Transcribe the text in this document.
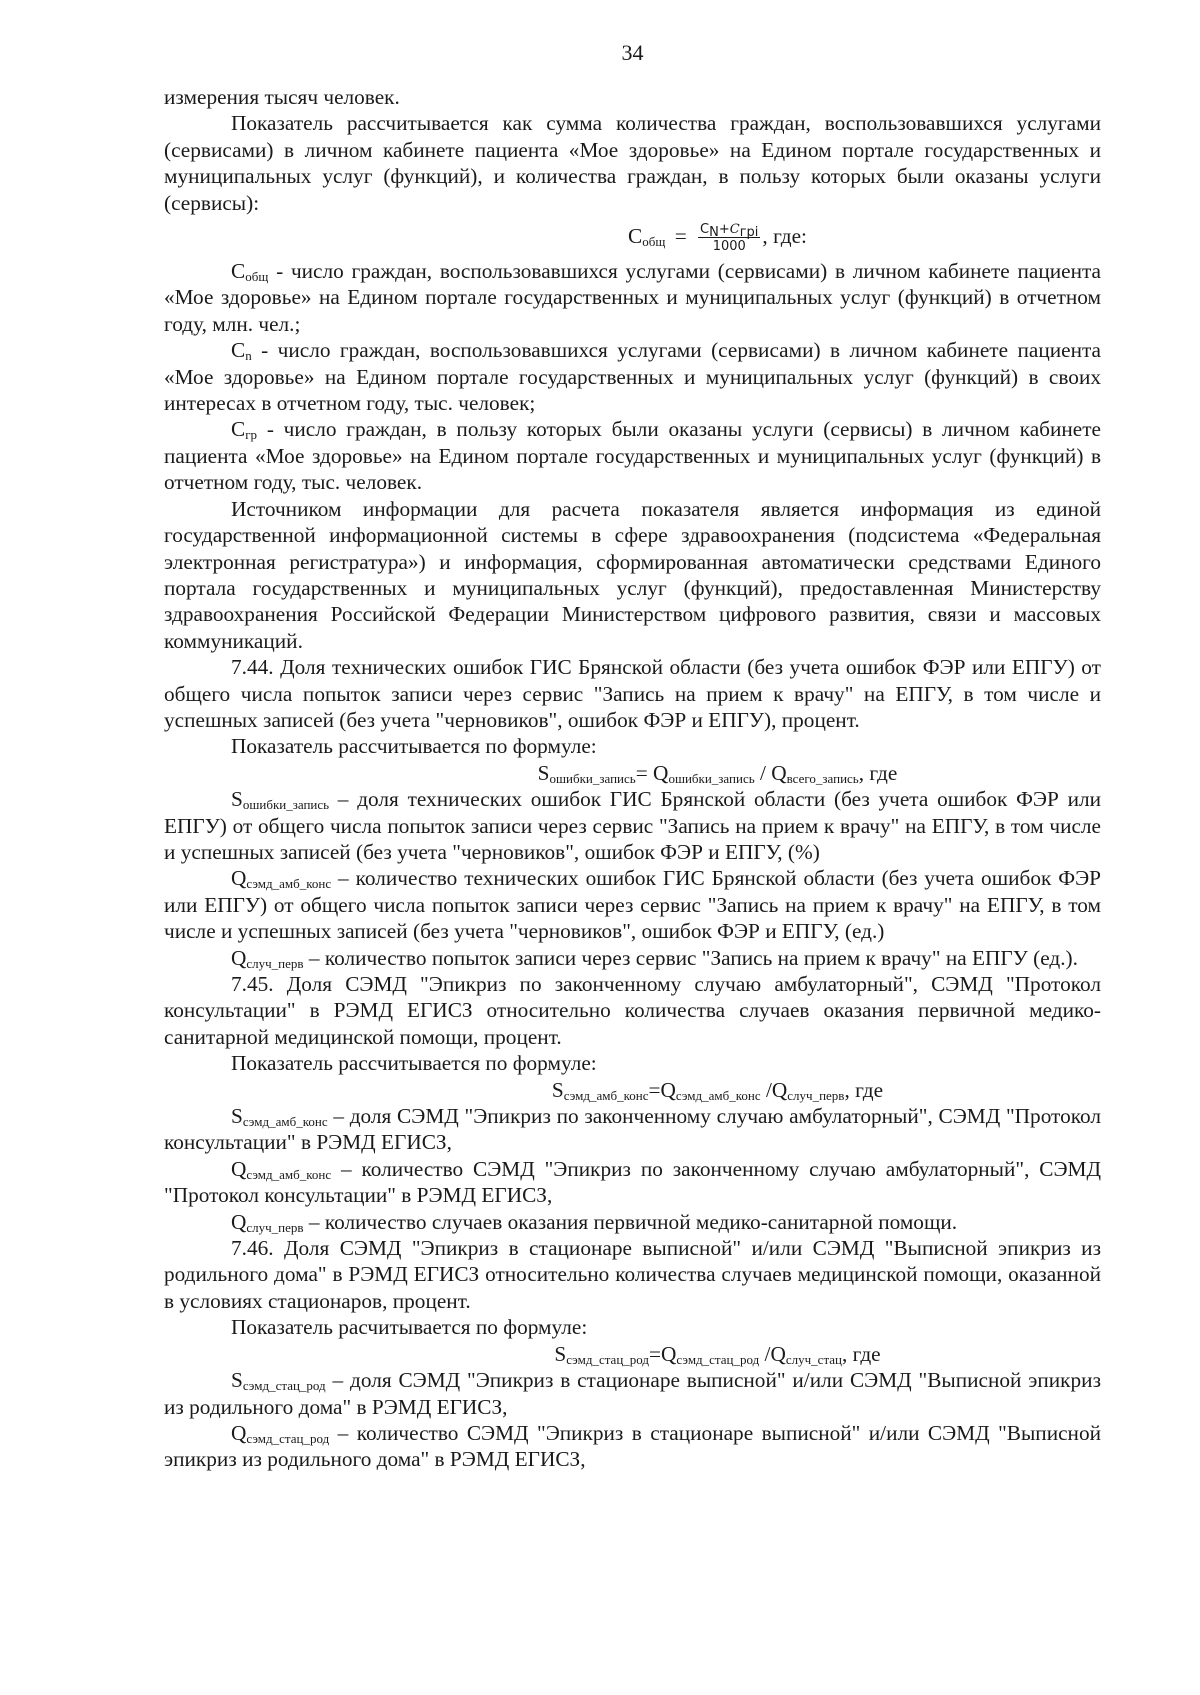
34

измерения тысяч человек.

Показатель рассчитывается как сумма количества граждан, воспользовавшихся услугами (сервисами) в личном кабинете пациента «Мое здоровье» на Едином портале государственных и муниципальных услуг (функций), и количества граждан, в пользу которых были оказаны услуги (сервисы):

$С_{общ} = \frac{C_N+C_{грi}}{1000}$ , где:

$С_{общ}$ - число граждан, воспользовавшихся услугами (сервисами) в личном кабинете пациента «Мое здоровье» на Едином портале государственных и муниципальных услуг (функций) в отчетном году, млн. чел.;

$С_n$ - число граждан, воспользовавшихся услугами (сервисами) в личном кабинете пациента «Мое здоровье» на Едином портале государственных и муниципальных услуг (функций) в своих интересах в отчетном году, тыс. человек;

$С_{гр}$ - число граждан, в пользу которых были оказаны услуги (сервисы) в личном кабинете пациента «Мое здоровье» на Едином портале государственных и муниципальных услуг (функций) в отчетном году, тыс. человек.

Источником информации для расчета показателя является информация из единой государственной информационной системы в сфере здравоохранения (подсистема «Федеральная электронная регистратура») и информация, сформированная автоматически средствами Единого портала государственных и муниципальных услуг (функций), предоставленная Министерству здравоохранения Российской Федерации Министерством цифрового развития, связи и массовых коммуникаций.

7.44. Доля технических ошибок ГИС Брянской области (без учета ошибок ФЭР или ЕПГУ) от общего числа попыток записи через сервис "Запись на прием к врачу" на ЕПГУ, в том числе и успешных записей (без учета "черновиков", ошибок ФЭР и ЕПГУ), процент.

Показатель рассчитывается по формуле:

$S_{ошибки\_запись}= Q_{ошибки\_запись} / Q_{всего\_запись}$, где

$S_{ошибки\_запись}$ – доля технических ошибок ГИС Брянской области (без учета ошибок ФЭР или ЕПГУ) от общего числа попыток записи через сервис "Запись на прием к врачу" на ЕПГУ, в том числе и успешных записей (без учета "черновиков", ошибок ФЭР и ЕПГУ, (%)

$Q_{сэмд\_амб\_конс}$ – количество технических ошибок ГИС Брянской области (без учета ошибок ФЭР или ЕПГУ) от общего числа попыток записи через сервис "Запись на прием к врачу" на ЕПГУ, в том числе и успешных записей (без учета "черновиков", ошибок ФЭР и ЕПГУ, (ед.)

$Q_{случ\_перв}$ – количество попыток записи через сервис "Запись на прием к врачу" на ЕПГУ (ед.).

7.45. Доля СЭМД "Эпикриз по законченному случаю амбулаторный", СЭМД "Протокол консультации" в РЭМД ЕГИСЗ относительно количества случаев оказания первичной медико-санитарной медицинской помощи, процент.

Показатель рассчитывается по формуле:

$S_{сэмд\_амб\_конс}=Q_{сэмд\_амб\_конс}$ $/Q_{случ\_перв}$, где

$S_{сэмд\_амб\_конс}$ – доля СЭМД "Эпикриз по законченному случаю амбулаторный", СЭМД "Протокол консультации" в РЭМД ЕГИСЗ,

$Q_{сэмд\_амб\_конс}$ – количество СЭМД "Эпикриз по законченному случаю амбулаторный", СЭМД "Протокол консультации" в РЭМД ЕГИСЗ,

$Q_{случ\_перв}$ – количество случаев оказания первичной медико-санитарной помощи.

7.46. Доля СЭМД "Эпикриз в стационаре выписной" и/или СЭМД "Выписной эпикриз из родильного дома" в РЭМД ЕГИСЗ относительно количества случаев медицинской помощи, оказанной в условиях стационаров, процент.

Показатель расчитывается по формуле:

$S_{сэмд\_стац\_род}=Q_{сэмд\_стац\_род}$ $/Q_{случ\_стац}$, где

$S_{сэмд\_стац\_род}$ – доля СЭМД "Эпикриз в стационаре выписной" и/или СЭМД "Выписной эпикриз из родильного дома" в РЭМД ЕГИСЗ,

$Q_{сэмд\_стац\_род}$ – количество СЭМД "Эпикриз в стационаре выписной" и/или СЭМД "Выписной эпикриз из родильного дома" в РЭМД ЕГИСЗ,
